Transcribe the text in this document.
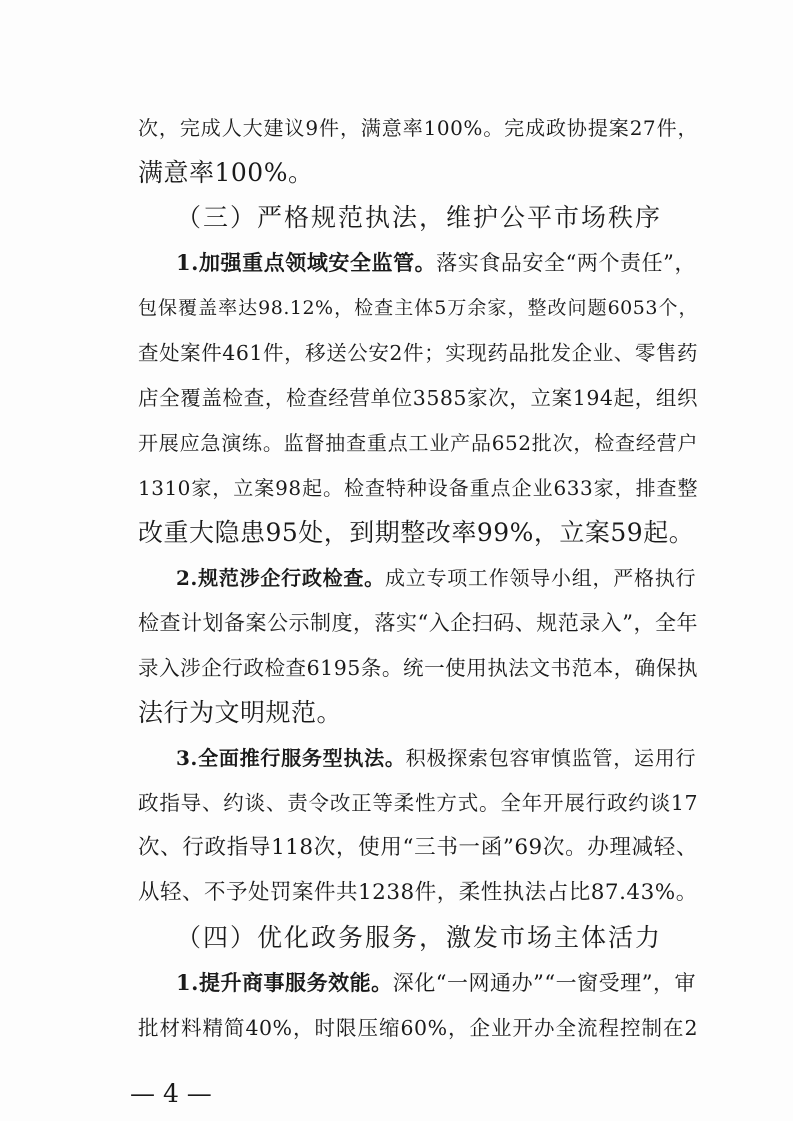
次，完成人大建议9件，满意率100%。完成政协提案27件，
满意率100%。
（三）严格规范执法，维护公平市场秩序
1.加强重点领域安全监管。落实食品安全“两个责任”，
包保覆盖率达98.12%，检查主体5万余家，整改问题6053个，
查处案件461件，移送公安2件；实现药品批发企业、零售药
店全覆盖检查，检查经营单位3585家次，立案194起，组织
开展应急演练。监督抽查重点工业产品652批次，检查经营户
1310家，立案98起。检查特种设备重点企业633家，排查整
改重大隐患95处，到期整改率99%，立案59起。
2.规范涉企行政检查。成立专项工作领导小组，严格执行
检查计划备案公示制度，落实“入企扫码、规范录入”，全年
录入涉企行政检查6195条。统一使用执法文书范本，确保执
法行为文明规范。
3.全面推行服务型执法。积极探索包容审慎监管，运用行
政指导、约谈、责令改正等柔性方式。全年开展行政约谈17
次、行政指导118次，使用“三书一函”69次。办理减轻、
从轻、不予处罚案件共1238件，柔性执法占比87.43%。
（四）优化政务服务，激发市场主体活力
1.提升商事服务效能。深化“一网通办”“一窗受理”，审
批材料精简40%，时限压缩60%，企业开办全流程控制在2
— 4 —
